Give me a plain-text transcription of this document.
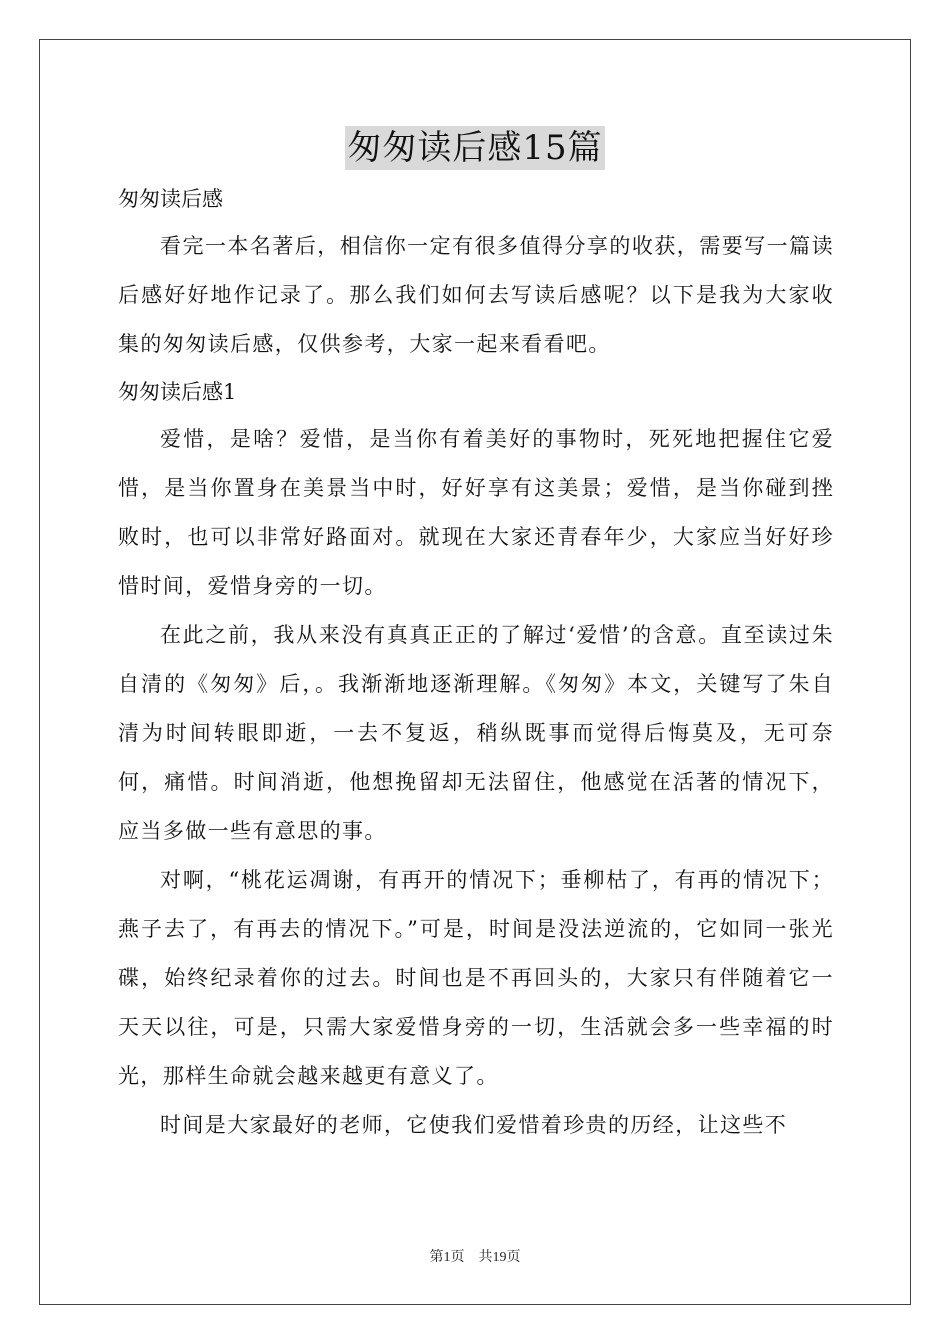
匆匆读后感15篇

匆匆读后感

看完一本名著后，相信你一定有很多值得分享的收获，需要写一篇读后感好好地作记录了。那么我们如何去写读后感呢？以下是我为大家收集的匆匆读后感，仅供参考，大家一起来看看吧。

匆匆读后感1

爱惜，是啥？爱惜，是当你有着美好的事物时，死死地把握住它爱惜，是当你置身在美景当中时，好好享有这美景；爱惜，是当你碰到挫败时，也可以非常好路面对。就现在大家还青春年少，大家应当好好珍惜时间，爱惜身旁的一切。

在此之前，我从来没有真真正正的了解过‘爱惜’的含意。直至读过朱自清的《匆匆》后，。我渐渐地逐渐理解。《匆匆》本文，关键写了朱自清为时间转眼即逝，一去不复返，稍纵既事而觉得后悔莫及，无可奈何，痛惜。时间消逝，他想挽留却无法留住，他感觉在活著的情况下，应当多做一些有意思的事。

对啊，“桃花运凋谢，有再开的情况下；垂柳枯了，有再的情况下；燕子去了，有再去的情况下。”可是，时间是没法逆流的，它如同一张光碟，始终纪录着你的过去。时间也是不再回头的，大家只有伴随着它一天天以往，可是，只需大家爱惜身旁的一切，生活就会多一些幸福的时光，那样生命就会越来越更有意义了。

时间是大家最好的老师，它使我们爱惜着珍贵的历经，让这些不

第1页 共19页
